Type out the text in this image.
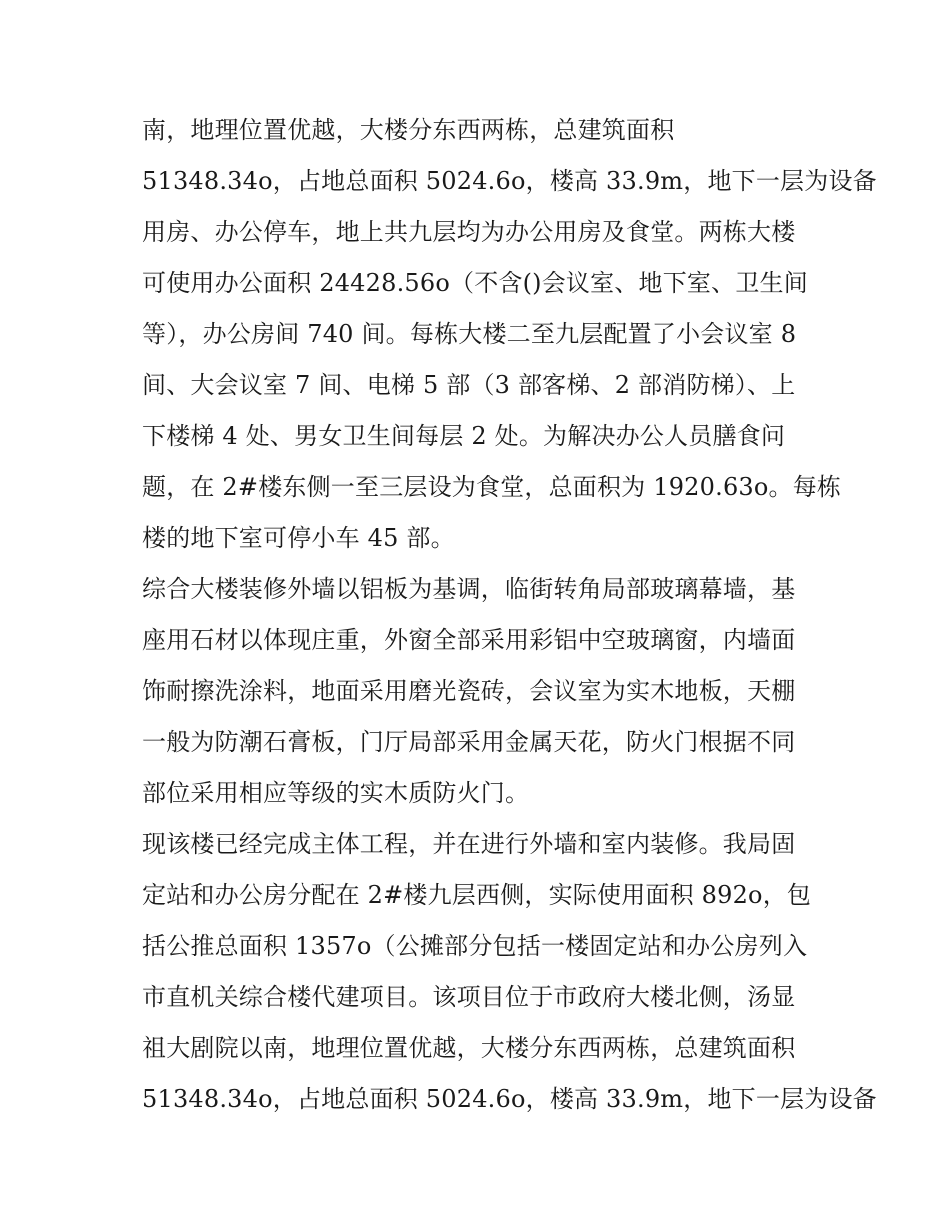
南，地理位置优越，大楼分东西两栋，总建筑面积
51348.34o，占地总面积 5024.6o，楼高 33.9m，地下一层为设备
用房、办公停车，地上共九层均为办公用房及食堂。两栋大楼
可使用办公面积 24428.56o（不含()会议室、地下室、卫生间
等），办公房间 740 间。每栋大楼二至九层配置了小会议室 8
间、大会议室 7 间、电梯 5 部（3 部客梯、2 部消防梯）、上
下楼梯 4 处、男女卫生间每层 2 处。为解决办公人员膳食问
题，在 2#楼东侧一至三层设为食堂，总面积为 1920.63o。每栋
楼的地下室可停小车 45 部。
综合大楼装修外墙以铝板为基调，临街转角局部玻璃幕墙，基
座用石材以体现庄重，外窗全部采用彩铝中空玻璃窗，内墙面
饰耐擦洗涂料，地面采用磨光瓷砖，会议室为实木地板，天棚
一般为防潮石膏板，门厅局部采用金属天花，防火门根据不同
部位采用相应等级的实木质防火门。
现该楼已经完成主体工程，并在进行外墙和室内装修。我局固
定站和办公房分配在 2#楼九层西侧，实际使用面积 892o，包
括公推总面积 1357o（公摊部分包括一楼固定站和办公房列入
市直机关综合楼代建项目。该项目位于市政府大楼北侧，汤显
祖大剧院以南，地理位置优越，大楼分东西两栋，总建筑面积
51348.34o，占地总面积 5024.6o，楼高 33.9m，地下一层为设备
